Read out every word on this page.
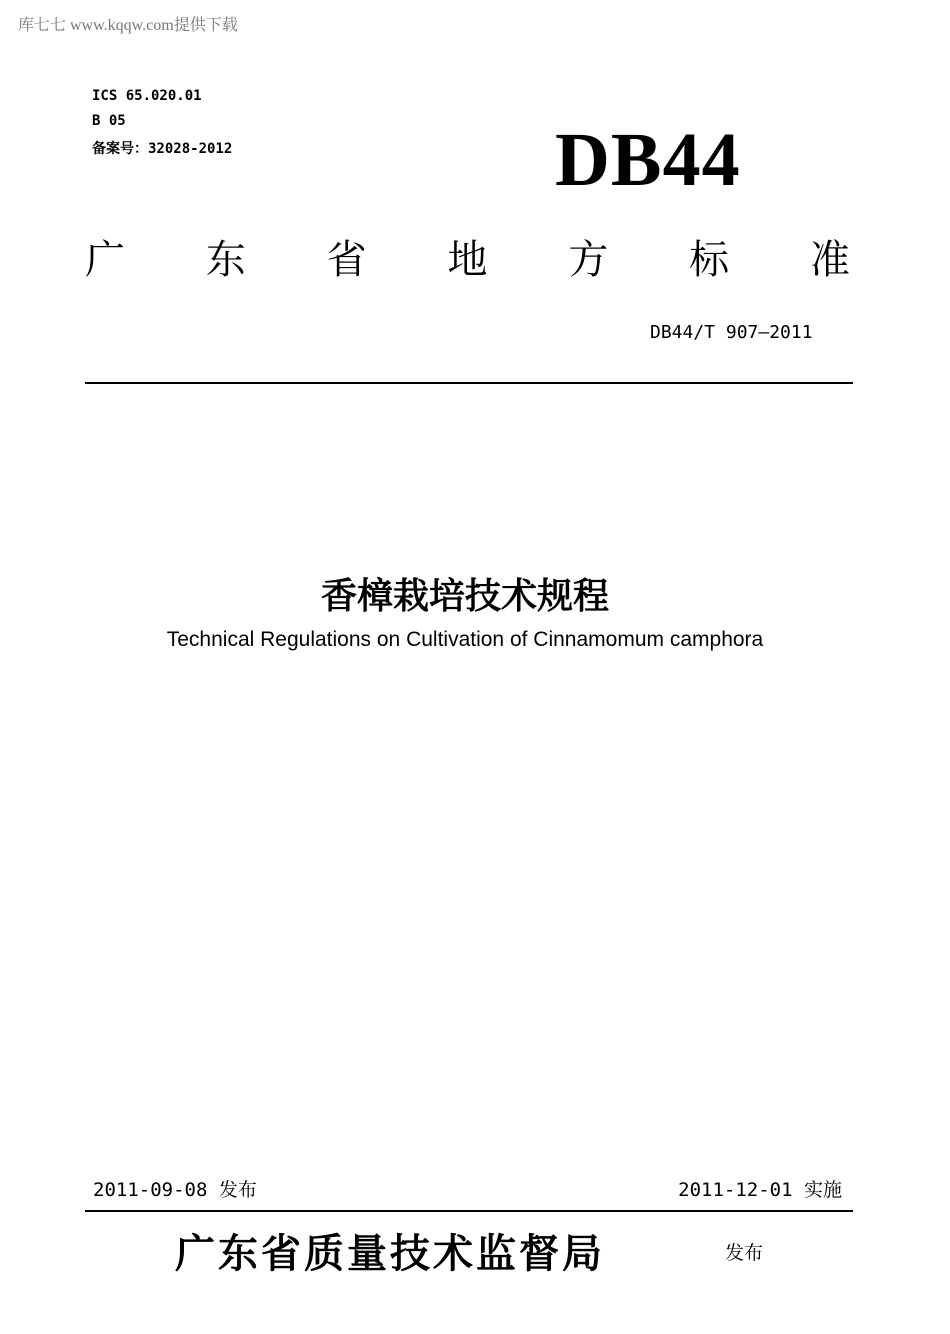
库七七 www.kqqw.com提供下载
ICS 65.020.01
B 05
备案号：32028-2012	DB44
广 东 省 地 方 标 准
DB44/T 907—2011
香樟栽培技术规程
Technical Regulations on Cultivation of Cinnamomum camphora
2011-09-08 发布	2011-12-01 实施
广东省质量技术监督局	发布
